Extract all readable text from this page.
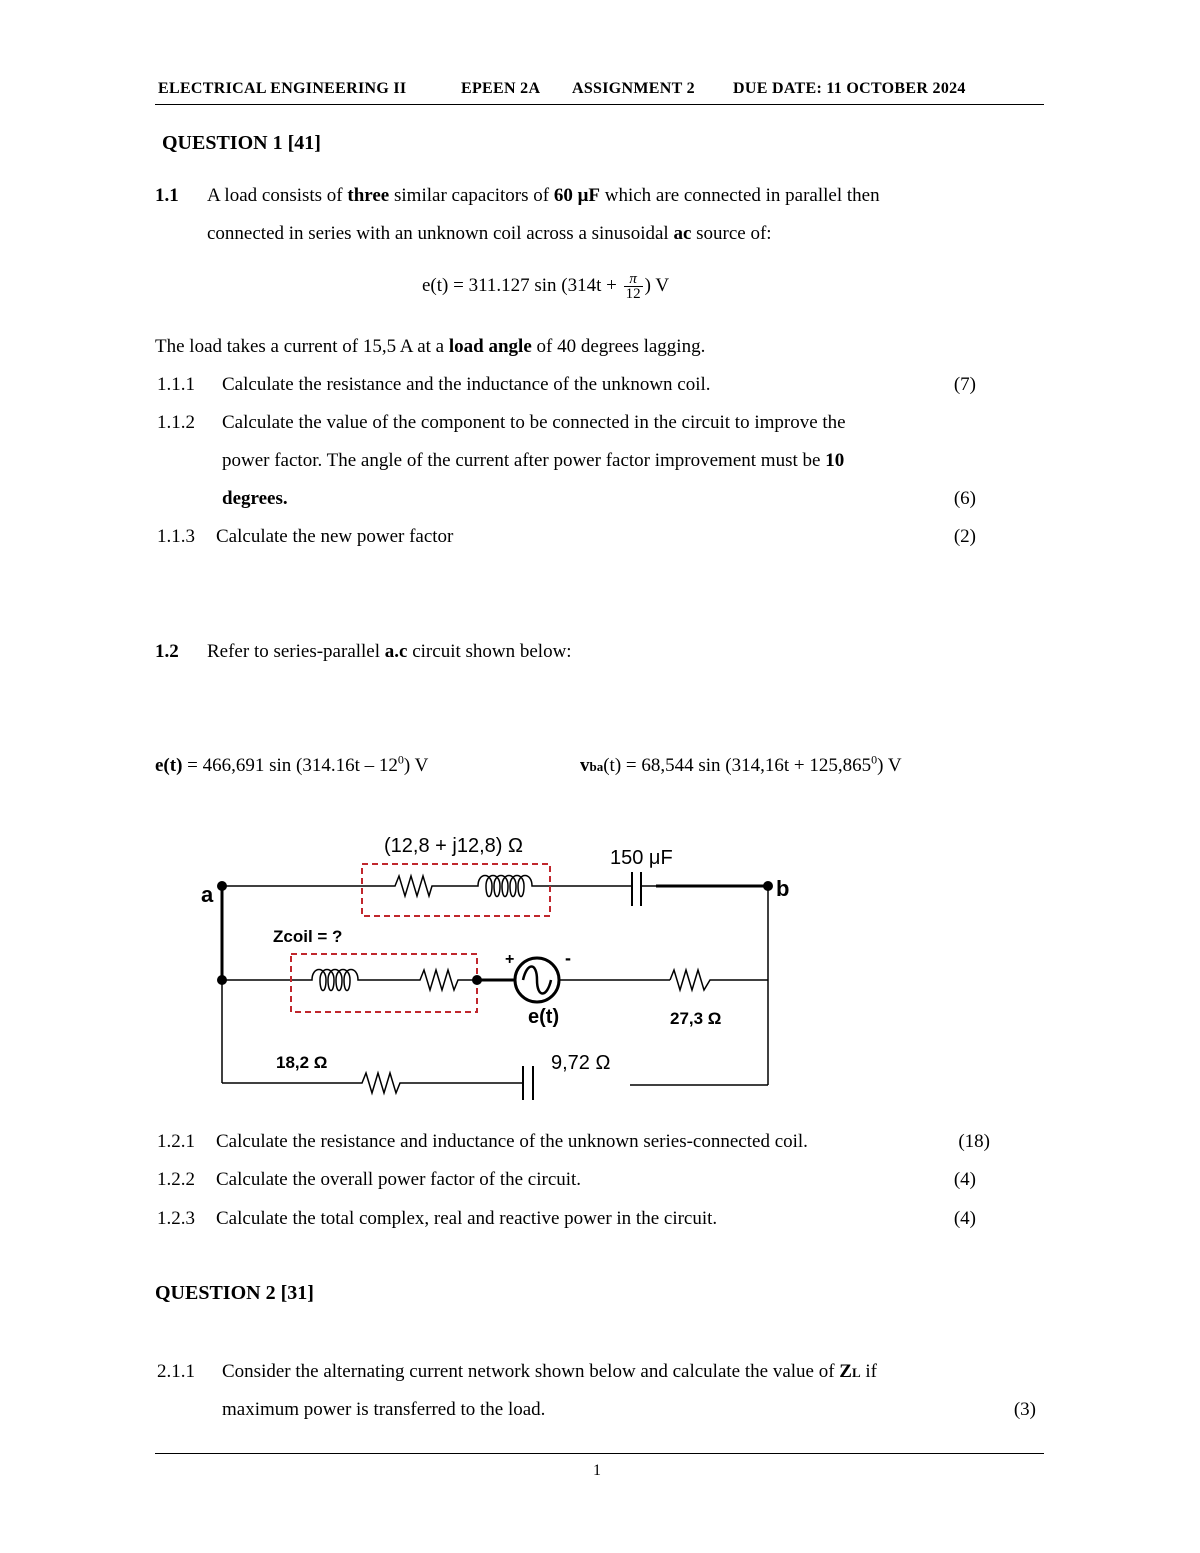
ELECTRICAL ENGINEERING II	EPEEN 2A ASSIGNMENT 2 DUE DATE: 11 OCTOBER 2024
QUESTION 1 [41]
1.1 A load consists of three similar capacitors of 60 μF which are connected in parallel then
connected in series with an unknown coil across a sinusoidal ac source of:
e(t) = 311.127 $\sin (314t + \frac{\pi}{12}$ ) V
The load takes a current of 15,5 A at a load angle of 40 degrees lagging.
1.1.1 Calculate the resistance and the inductance of the unknown coil.	(7)
1.1.2 Calculate the value of the component to be connected in the circuit to improve the
power factor. The angle of the current after power factor improvement must be 10
degrees.	(6)
1.1.3 Calculate the new power factor	(2)
1.2 Refer to series-parallel a.c circuit shown below:
e(t) = 466,691 $\sin (314.16t - 12^0)$ V	vba(t) = 68,544 $\sin (314,16t + 125,865^0)$ V
a	b
(12,8 + j12,8) Ω
150 μF
Zcoil = ?
+	-
e(t)	27,3 Ω
18,2 Ω	9,72 Ω
1.2.1 Calculate the resistance and inductance of the unknown series-connected coil.	(18)
1.2.2 Calculate the overall power factor of the circuit.	(4)
1.2.3 Calculate the total complex, real and reactive power in the circuit.	(4)
QUESTION 2 [31]
2.1.1 Consider the alternating current network shown below and calculate the value of ZL if
maximum power is transferred to the load.	(3)
1
